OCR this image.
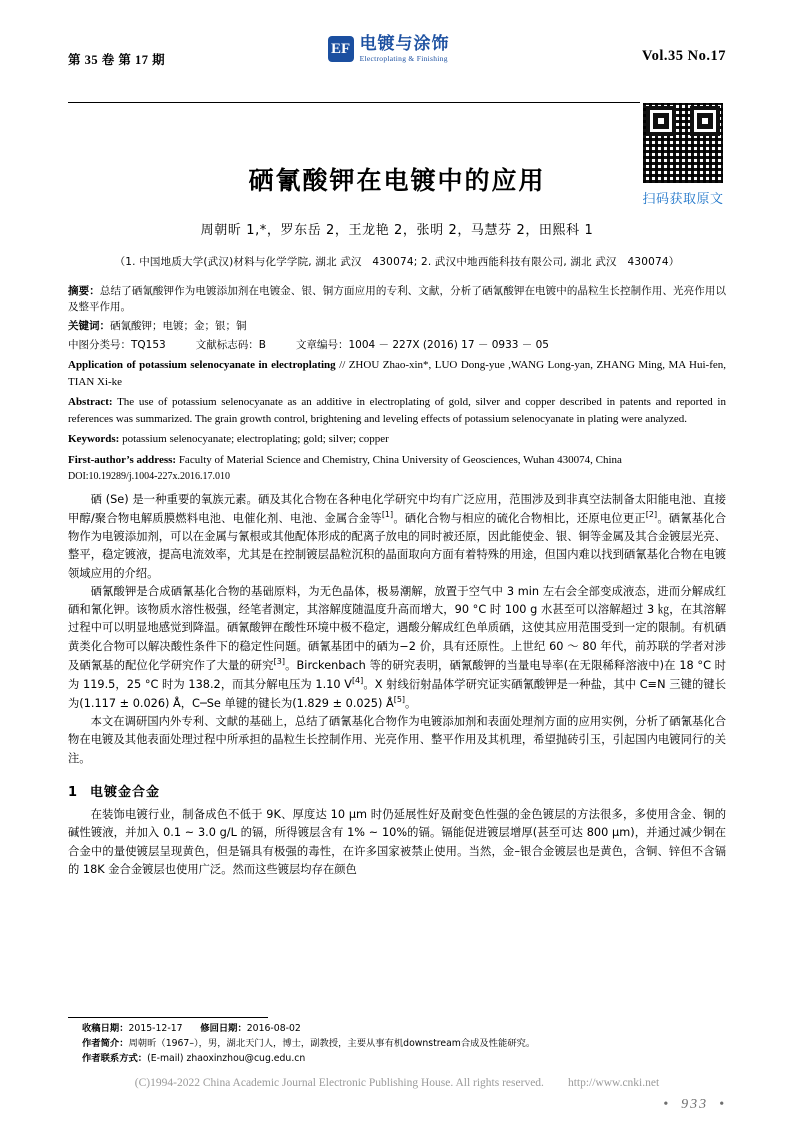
第 35 卷 第 17 期
EF 电镀与涂饰
Electroplating & Finishing	Vol.35 No.17
扫码获取原文
硒氰酸钾在电镀中的应用
周朝昕 1,*，罗东岳 2，王龙艳 2，张明 2，马慧芬 2，田熙科 1
（1. 中国地质大学(武汉)材料与化学学院, 湖北 武汉　430074; 2. 武汉中地西能科技有限公司, 湖北 武汉　430074）
摘要：总结了硒氰酸钾作为电镀添加剂在电镀金、银、铜方面应用的专利、文献，分析了硒氰酸钾在电镀中的晶粒生长控制作用、光亮作用以及整平作用。
关键词：硒氰酸钾；电镀；金；银；铜
中图分类号：TQ153	文献标志码：B	文章编号：1004 － 227X (2016) 17 － 0933 － 05
Application of potassium selenocyanate in electroplating // ZHOU Zhao-xin*, LUO Dong-yue ,WANG Long-yan, ZHANG Ming, MA Hui-fen, TIAN Xi-ke
Abstract: The use of potassium selenocyanate as an additive in electroplating of gold, silver and copper described in patents and reported in references was summarized. The grain growth control, brightening and leveling effects of potassium selenocyanate in plating were analyzed.
Keywords: potassium selenocyanate; electroplating; gold; silver; copper
First-author’s address: Faculty of Material Science and Chemistry, China University of Geosciences, Wuhan 430074, China
DOI:10.19289/j.1004-227x.2016.17.010

硒 (Se) 是一种重要的氧族元素。硒及其化合物在各种电化学研究中均有广泛应用，范围涉及到非真空法制备太阳能电池、直接甲醇/聚合物电解质膜燃料电池、电催化剂、电池、金属合金等[1]。硒化合物与相应的硫化合物相比，还原电位更正[2]。硒氰基化合物作为电镀添加剂，可以在金属与氰根或其他配体形成的配离子放电的同时被还原，因此能使金、银、铜等金属及其合金镀层光亮、整平，稳定镀液，提高电流效率，尤其是在控制镀层晶粒沉积的晶面取向方面有着特殊的用途，但国内难以找到硒氰基化合物在电镀领域应用的介绍。

硒氰酸钾是合成硒氰基化合物的基础原料，为无色晶体，极易潮解，放置于空气中 3 min 左右会全部变成液态，进而分解成红硒和氰化钾。该物质水溶性极强，经笔者测定，其溶解度随温度升高而增大，90 °C 时 100 g 水甚至可以溶解超过 3 ㎏，在其溶解过程中可以明显地感觉到降温。硒氰酸钾在酸性环境中极不稳定，遇酸分解成红色单质硒，这使其应用范围受到一定的限制。有机硒黄类化合物可以解决酸性条件下的稳定性问题。硒氰基团中的硒为−2 价，具有还原性。上世纪 60 ～ 80 年代，前苏联的学者对涉及硒氰基的配位化学研究作了大量的研究[3]。Birckenbach 等的研究表明，硒氰酸钾的当量电导率(在无限稀释溶液中)在 18 °C 时为 119.5，25 °C 时为 138.2，而其分解电压为 1.10 V[4]。X 射线衍射晶体学研究证实硒氰酸钾是一种盐，其中 C≡N 三键的键长为(1.117 ± 0.026) Å，C─Se 单键的键长为(1.829 ± 0.025) Å[5]。

本文在调研国内外专利、文献的基础上，总结了硒氰基化合物作为电镀添加剂和表面处理剂方面的应用实例，分析了硒氰基化合物在电镀及其他表面处理过程中所承担的晶粒生长控制作用、光亮作用、整平作用及其机理，希望抛砖引玉，引起国内电镀同行的关注。

1 电镀金合金

在装饰电镀行业，制备成色不低于 9K、厚度达 10 μm 时仍延展性好及耐变色性强的金色镀层的方法很多，多使用含金、铜的碱性镀液，并加入 0.1 ~ 3.0 g/L 的镉，所得镀层含有 1% ~ 10%的镉。镉能促进镀层增厚(甚至可达 800 μm)，并通过减少铜在合金中的量使镀层呈现黄色，但是镉具有极强的毒性，在许多国家被禁止使用。当然，金–银合金镀层也是黄色，含铜、锌但不含镉的 18K 金合金镀层也使用广泛。然而这些镀层均存在颜色

收稿日期：2015-12-17 修回日期：2016-08-02
作者简介：周朝昕（1967–），男，湖北天门人，博士，副教授，主要从事有机downstream合成及性能研究。
作者联系方式：(E-mail) zhaoxinzhou@cug.edu.cn
(C)1994-2022 China Academic Journal Electronic Publishing House. All rights reserved. http://www.cnki.net
•  933  •
